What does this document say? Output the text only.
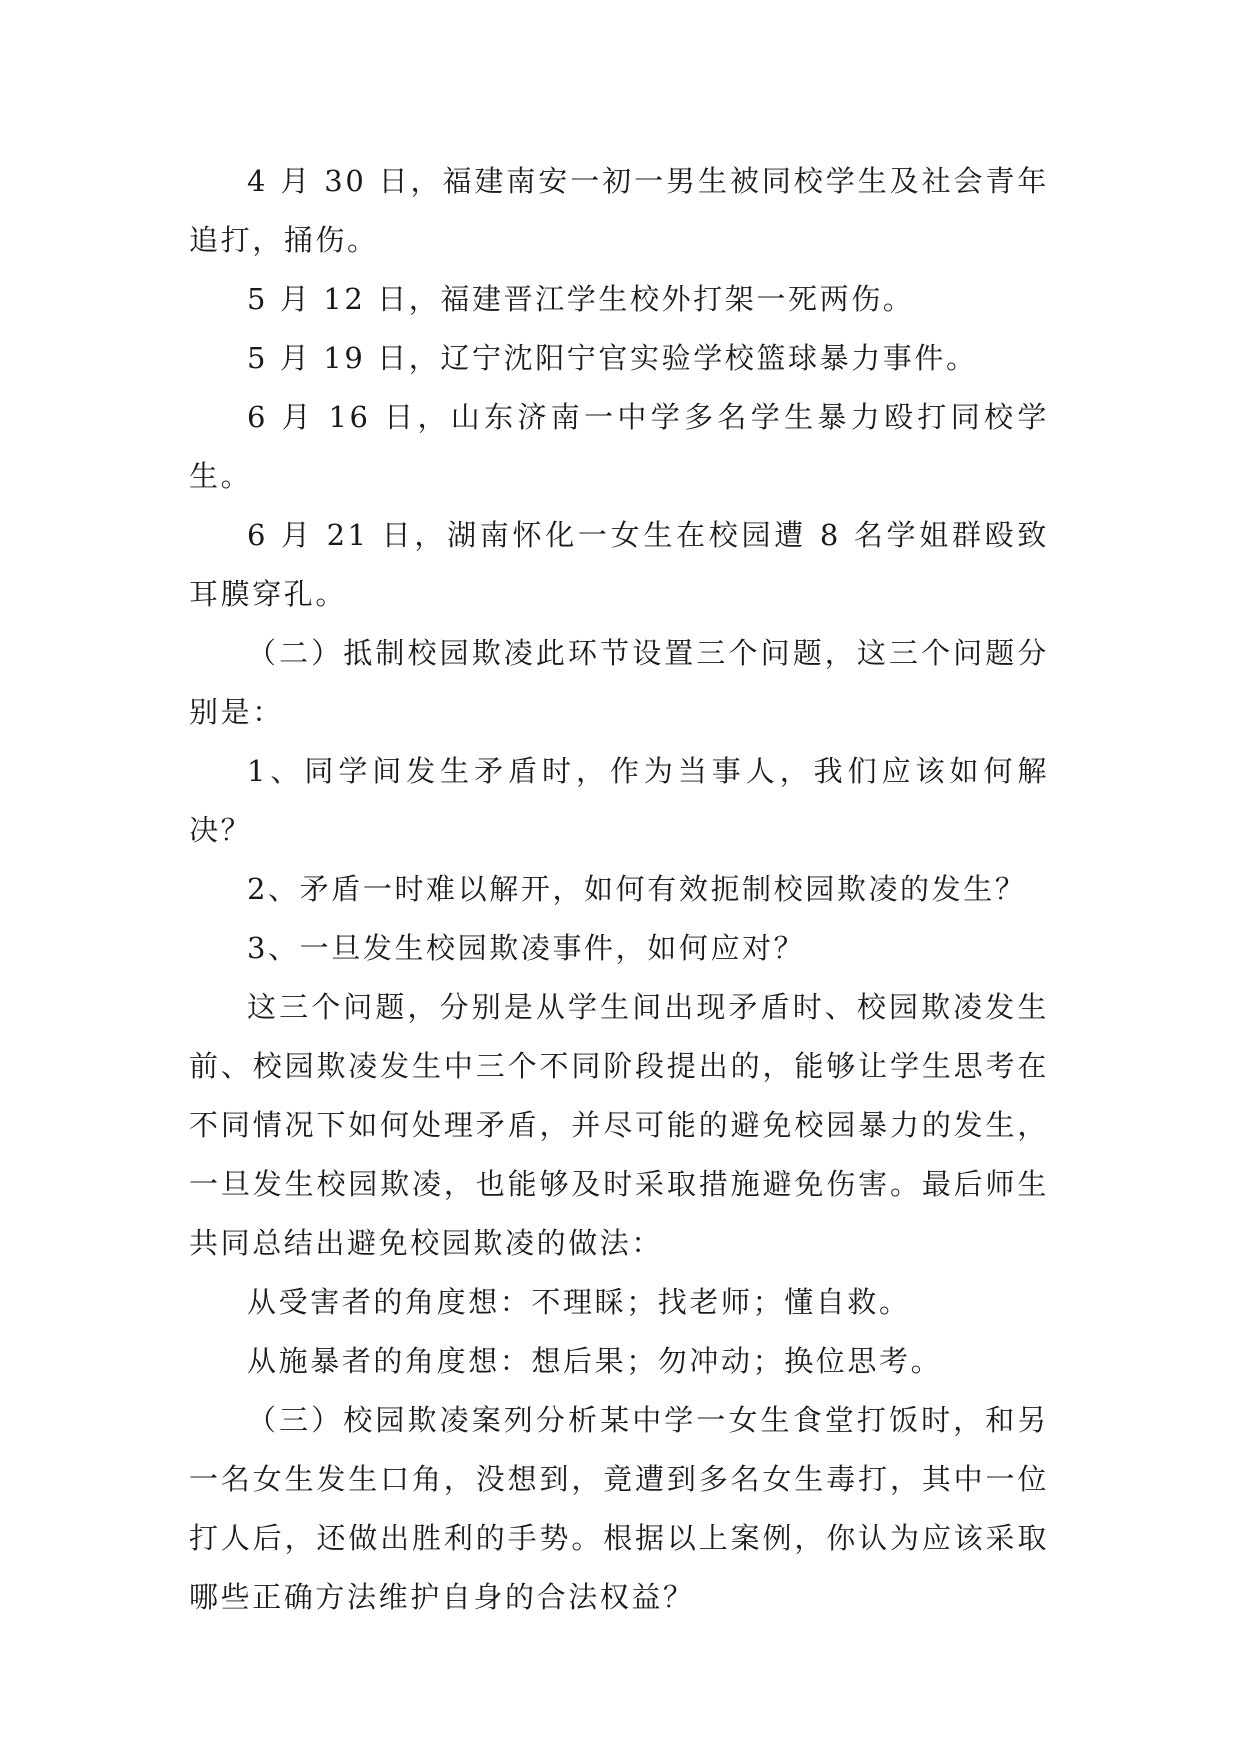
4 月 30 日，福建南安一初一男生被同校学生及社会青年追打，捅伤。

5 月 12 日，福建晋江学生校外打架一死两伤。

5 月 19 日，辽宁沈阳宁官实验学校篮球暴力事件。

6 月 16 日，山东济南一中学多名学生暴力殴打同校学生。

6 月 21 日，湖南怀化一女生在校园遭 8 名学姐群殴致耳膜穿孔。

（二）抵制校园欺凌此环节设置三个问题，这三个问题分别是：

1、同学间发生矛盾时，作为当事人，我们应该如何解决？

2、矛盾一时难以解开，如何有效扼制校园欺凌的发生？

3、一旦发生校园欺凌事件，如何应对？

这三个问题，分别是从学生间出现矛盾时、校园欺凌发生前、校园欺凌发生中三个不同阶段提出的，能够让学生思考在不同情况下如何处理矛盾，并尽可能的避免校园暴力的发生，一旦发生校园欺凌，也能够及时采取措施避免伤害。最后师生共同总结出避免校园欺凌的做法：

从受害者的角度想：不理睬；找老师；懂自救。

从施暴者的角度想：想后果；勿冲动；换位思考。

（三）校园欺凌案列分析某中学一女生食堂打饭时，和另一名女生发生口角，没想到，竟遭到多名女生毒打，其中一位打人后，还做出胜利的手势。根据以上案例，你认为应该采取哪些正确方法维护自身的合法权益？
